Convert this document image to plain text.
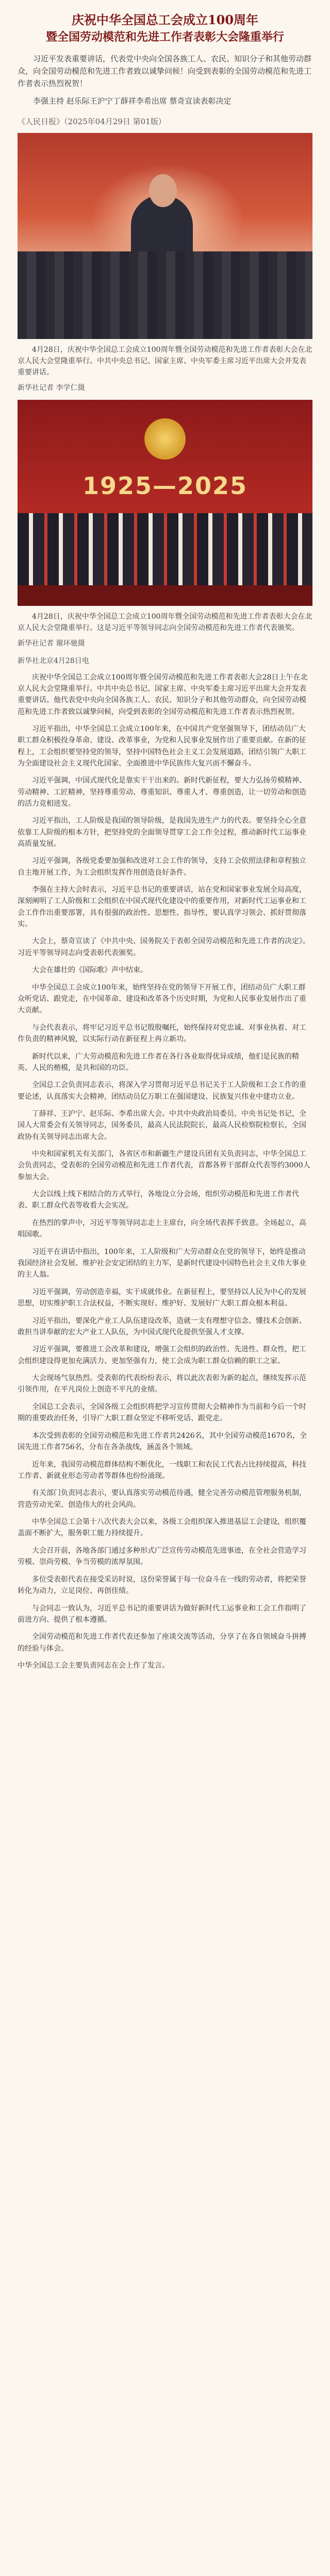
庆祝中华全国总工会成立100周年
暨全国劳动模范和先进工作者表彰大会隆重举行

习近平发表重要讲话，代表党中央向全国各族工人、农民、知识分子和其他劳动群众，向全国劳动模范和先进工作者致以诚挚问候！向受到表彰的全国劳动模范和先进工作者表示热烈祝贺！

李强主持 赵乐际王沪宁丁薛祥李希出席 蔡奇宣读表彰决定

《人民日报》（2025年04月29日 第01版）

4月28日，庆祝中华全国总工会成立100周年暨全国劳动模范和先进工作者表彰大会在北京人民大会堂隆重举行。中共中央总书记、国家主席、中央军委主席习近平出席大会并发表重要讲话。

新华社记者 李学仁摄
1925—2025

4月28日，庆祝中华全国总工会成立100周年暨全国劳动模范和先进工作者表彰大会在北京人民大会堂隆重举行。这是习近平等领导同志向全国劳动模范和先进工作者代表颁奖。

新华社记者 谢环驰摄
新华社北京4月28日电

庆祝中华全国总工会成立100周年暨全国劳动模范和先进工作者表彰大会28日上午在北京人民大会堂隆重举行。中共中央总书记、国家主席、中央军委主席习近平出席大会并发表重要讲话。他代表党中央向全国各族工人、农民、知识分子和其他劳动群众，向全国劳动模范和先进工作者致以诚挚问候，向受到表彰的全国劳动模范和先进工作者表示热烈祝贺。

习近平指出，中华全国总工会成立100年来，在中国共产党坚强领导下，团结动员广大职工群众积极投身革命、建设、改革事业，为党和人民事业发展作出了重要贡献。在新的征程上，工会组织要坚持党的领导，坚持中国特色社会主义工会发展道路，团结引领广大职工为全面建设社会主义现代化国家、全面推进中华民族伟大复兴而不懈奋斗。

习近平强调，中国式现代化是靠实干干出来的。新时代新征程，要大力弘扬劳模精神、劳动精神、工匠精神，坚持尊重劳动、尊重知识、尊重人才、尊重创造，让一切劳动和创造的活力竞相迸发。

习近平指出，工人阶级是我国的领导阶级，是我国先进生产力的代表。要坚持全心全意依靠工人阶级的根本方针，把坚持党的全面领导贯穿工会工作全过程，推动新时代工运事业高质量发展。

习近平强调，各级党委要加强和改进对工会工作的领导，支持工会依照法律和章程独立自主地开展工作，为工会组织发挥作用创造良好条件。

李强在主持大会时表示，习近平总书记的重要讲话，站在党和国家事业发展全局高度，深刻阐明了工人阶级和工会组织在中国式现代化建设中的重要作用，对新时代工运事业和工会工作作出重要部署，具有很强的政治性、思想性、指导性，要认真学习领会、抓好贯彻落实。

大会上，蔡奇宣读了《中共中央、国务院关于表彰全国劳动模范和先进工作者的决定》。习近平等领导同志向受表彰代表颁奖。

大会在雄壮的《国际歌》声中结束。

中华全国总工会成立100年来，始终坚持在党的领导下开展工作，团结动员广大职工群众听党话、跟党走，在中国革命、建设和改革各个历史时期，为党和人民事业发展作出了重大贡献。

与会代表表示，将牢记习近平总书记殷殷嘱托，始终保持对党忠诚、对事业执着、对工作负责的精神风貌，以实际行动在新征程上再立新功。

新时代以来，广大劳动模范和先进工作者在各行各业取得优异成绩，他们是民族的精英、人民的楷模，是共和国的功臣。

全国总工会负责同志表示，将深入学习贯彻习近平总书记关于工人阶级和工会工作的重要论述，认真落实大会精神，团结动员亿万职工在强国建设、民族复兴伟业中建功立业。

丁薛祥、王沪宁、赵乐际、李希出席大会。中共中央政治局委员、中央书记处书记，全国人大常委会有关领导同志，国务委员，最高人民法院院长，最高人民检察院检察长，全国政协有关领导同志出席大会。

中央和国家机关有关部门，各省区市和新疆生产建设兵团有关负责同志，中华全国总工会负责同志，受表彰的全国劳动模范和先进工作者代表，首都各界干部群众代表等约3000人参加大会。

大会以线上线下相结合的方式举行，各地设立分会场，组织劳动模范和先进工作者代表、职工群众代表等收看大会实况。

在热烈的掌声中，习近平等领导同志走上主席台，向全场代表挥手致意。全场起立，高唱国歌。

习近平在讲话中指出，100年来，工人阶级和广大劳动群众在党的领导下，始终是推动我国经济社会发展、维护社会安定团结的主力军，是新时代建设中国特色社会主义伟大事业的主人翁。

习近平强调，劳动创造幸福，实干成就伟业。在新征程上，要坚持以人民为中心的发展思想，切实维护职工合法权益，不断实现好、维护好、发展好广大职工群众根本利益。

习近平指出，要深化产业工人队伍建设改革，造就一支有理想守信念、懂技术会创新、敢担当讲奉献的宏大产业工人队伍，为中国式现代化提供坚强人才支撑。

习近平强调，要推进工会改革和建设，增强工会组织的政治性、先进性、群众性，把工会组织建设得更加充满活力、更加坚强有力，使工会成为职工群众信赖的职工之家。

大会现场气氛热烈。受表彰的代表纷纷表示，将以此次表彰为新的起点，继续发挥示范引领作用，在平凡岗位上创造不平凡的业绩。

全国总工会表示，全国各级工会组织将把学习宣传贯彻大会精神作为当前和今后一个时期的重要政治任务，引导广大职工群众坚定不移听党话、跟党走。

本次受到表彰的全国劳动模范和先进工作者共2426名，其中全国劳动模范1670名，全国先进工作者756名，分布在各条战线，涵盖各个领域。

近年来，我国劳动模范群体结构不断优化，一线职工和农民工代表占比持续提高，科技工作者、新就业形态劳动者等群体也纷纷涌现。

有关部门负责同志表示，要认真落实劳动模范待遇，健全完善劳动模范管理服务机制，营造劳动光荣、创造伟大的社会风尚。

中华全国总工会第十八次代表大会以来，各级工会组织深入推进基层工会建设，组织覆盖面不断扩大，服务职工能力持续提升。

大会召开前，各地各部门通过多种形式广泛宣传劳动模范先进事迹，在全社会营造学习劳模、崇尚劳模、争当劳模的浓厚氛围。

多位受表彰代表在接受采访时说，这份荣誉属于每一位奋斗在一线的劳动者，将把荣誉转化为动力，立足岗位、再创佳绩。

与会同志一致认为，习近平总书记的重要讲话为做好新时代工运事业和工会工作指明了前进方向、提供了根本遵循。

全国劳动模范和先进工作者代表还参加了座谈交流等活动，分享了在各自领域奋斗拼搏的经验与体会。

中华全国总工会主要负责同志在会上作了发言。
